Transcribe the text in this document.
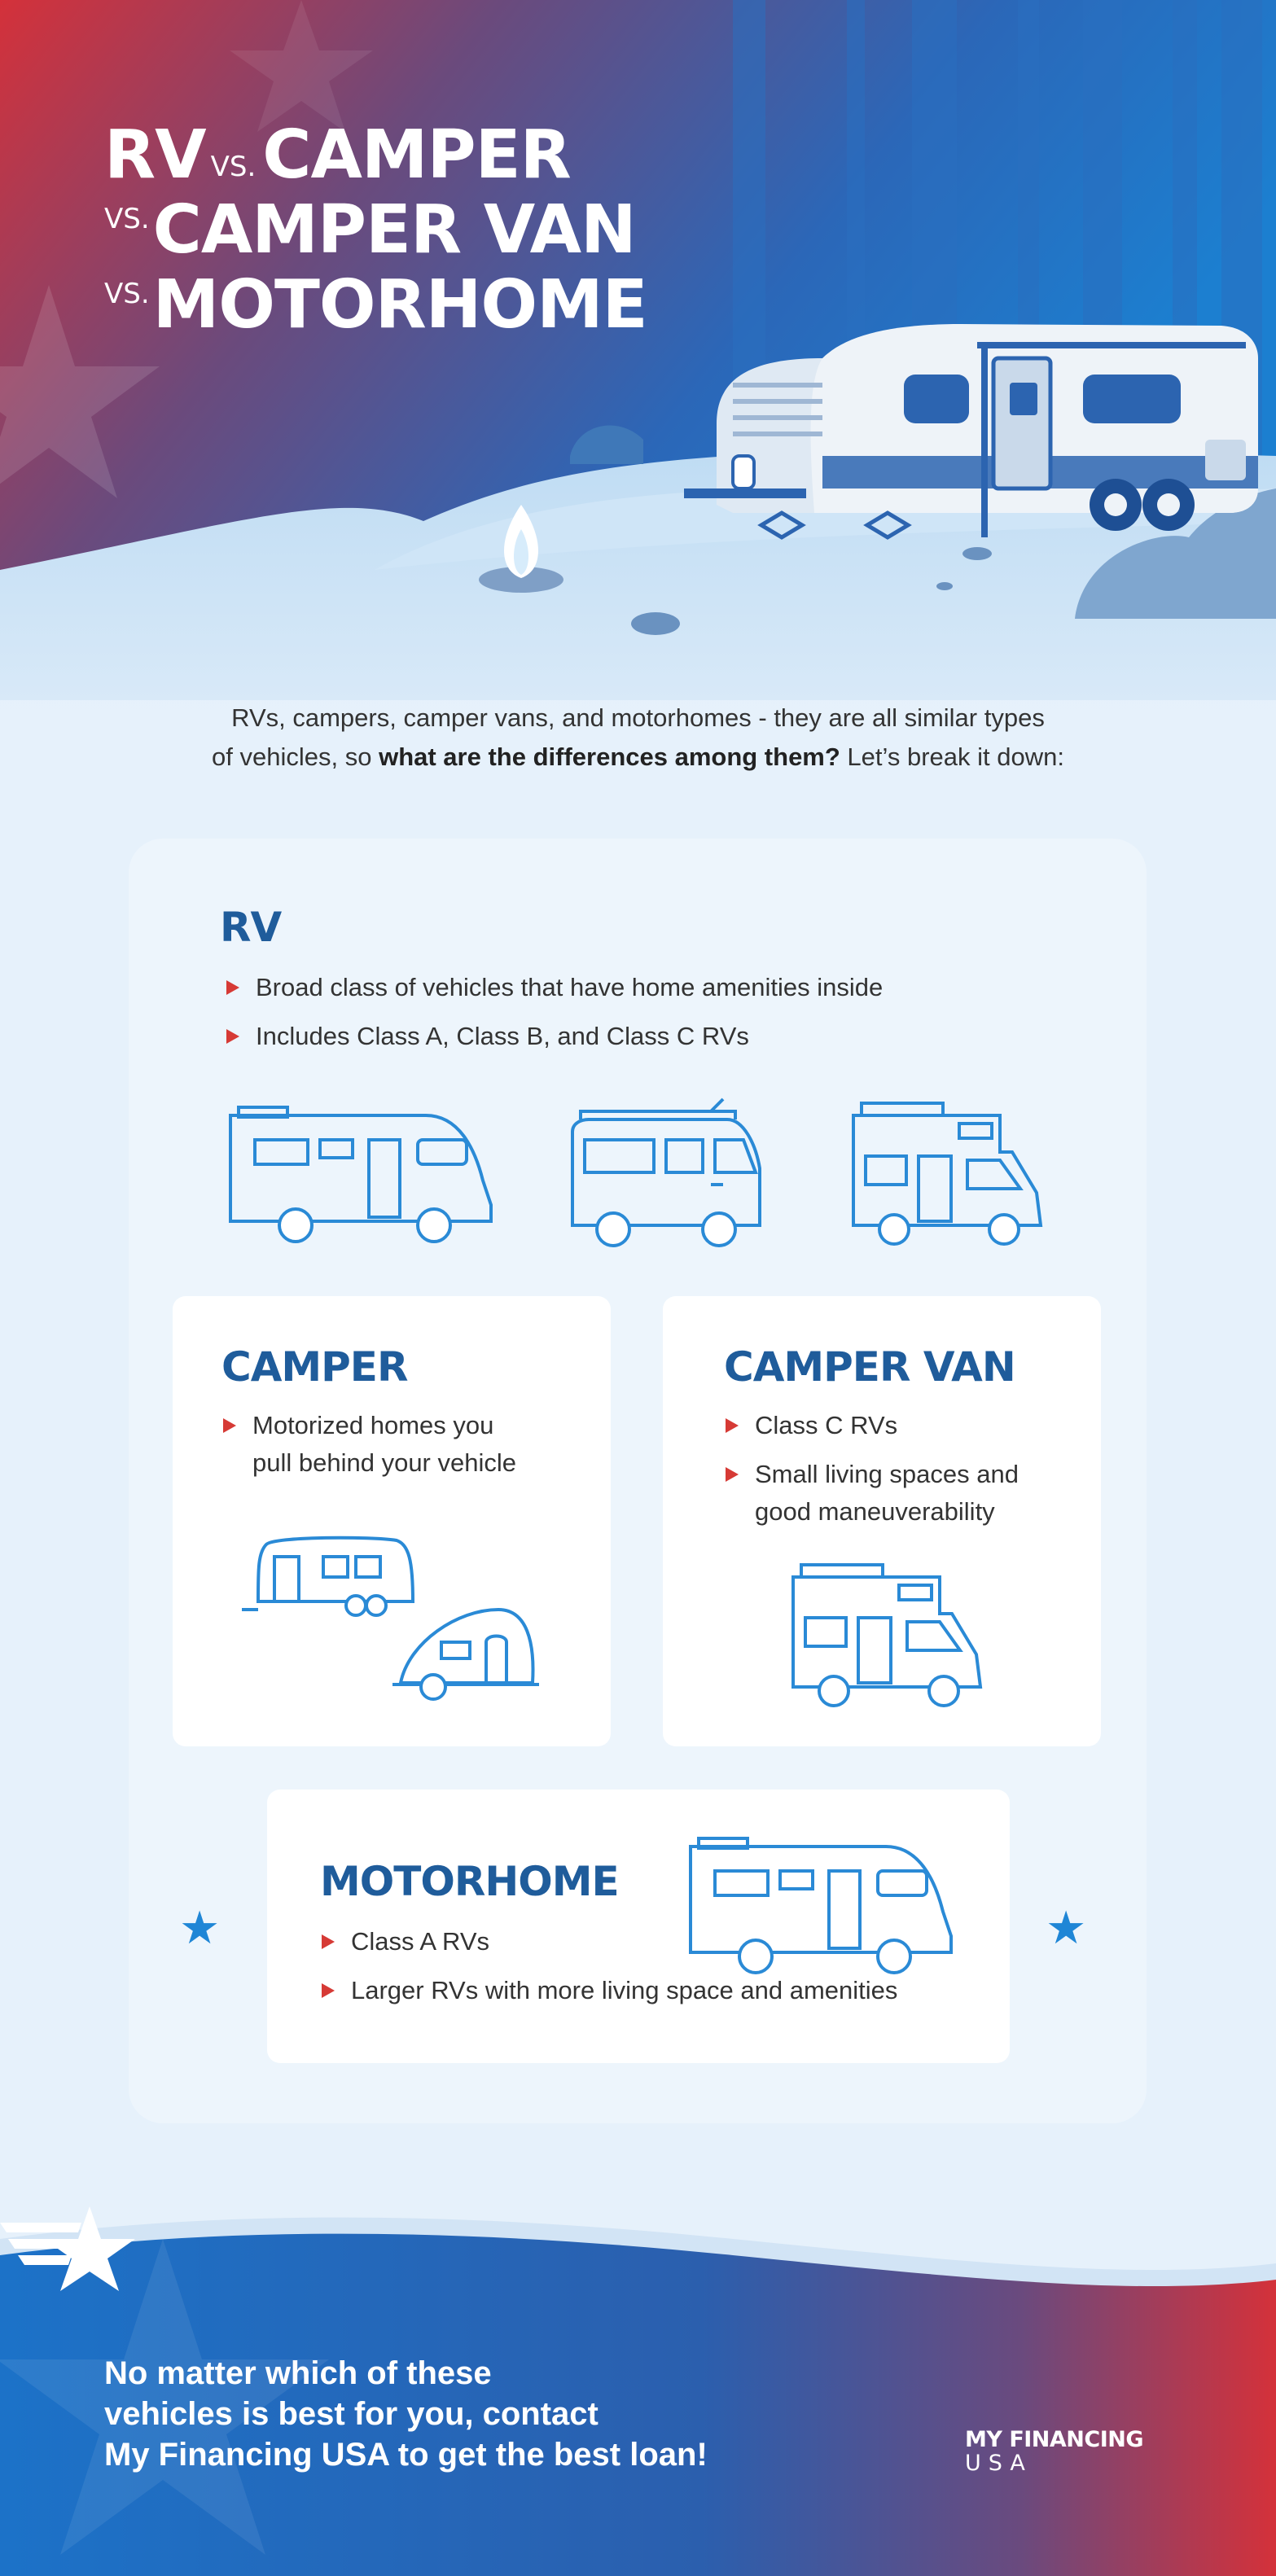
RV VS. CAMPER
VS. CAMPER VAN
VS. MOTORHOME
RVs, campers, camper vans, and motorhomes - they are all similar types
of vehicles, so what are the differences among them? Let’s break it down:
RV
Broad class of vehicles that have home amenities inside
Includes Class A, Class B, and Class C RVs
CAMPER
Motorized homes you pull behind your vehicle
CAMPER VAN
Class C RVs
Small living spaces and good maneuverability
MOTORHOME
Class A RVs
Larger RVs with more living space and amenities
★	★
No matter which of these
vehicles is best for you, contact
My Financing USA to get the best loan!	MY FINANCING
USA
